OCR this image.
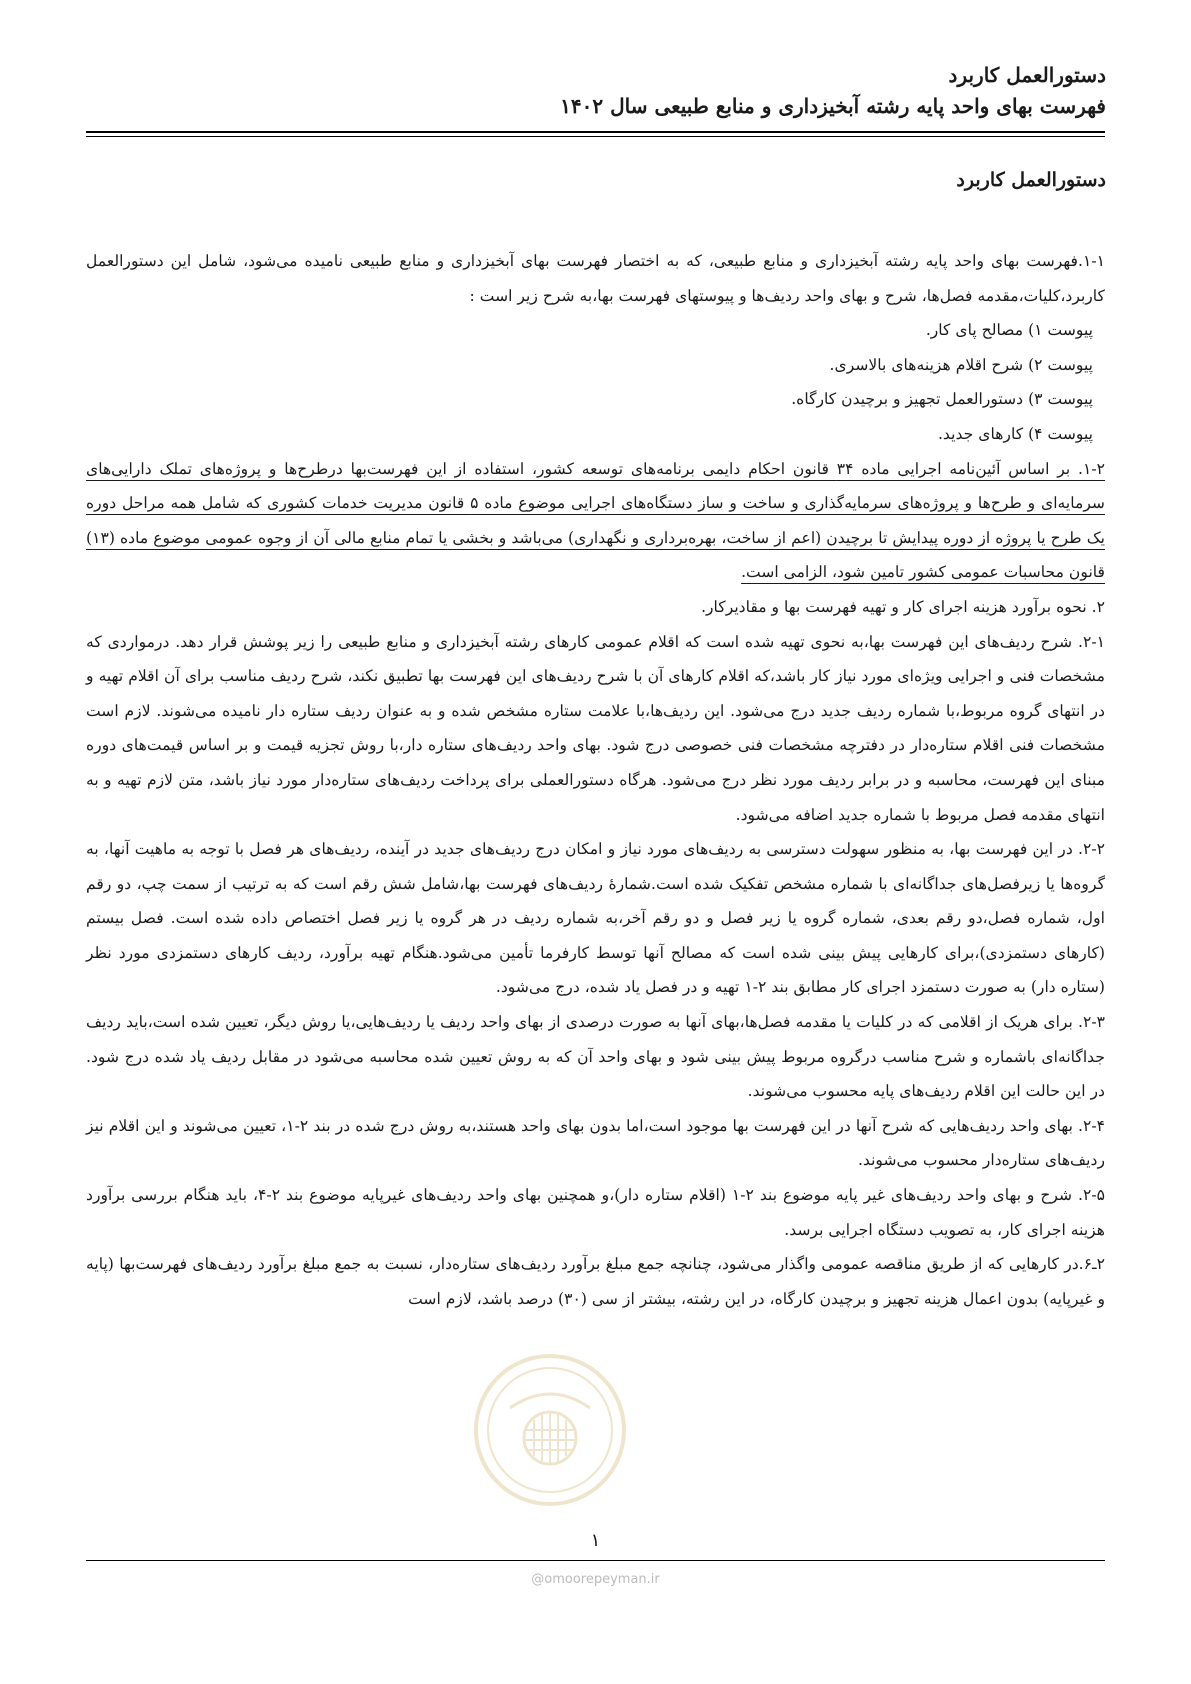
دستورالعمل کاربرد
فهرست بهای واحد پایه رشته آبخیزداری و منابع طبیعی سال ۱۴۰۲
دستورالعمل کاربرد

۱-۱.فهرست بهای واحد پایه رشته آبخیزداری و منابع طبیعی، که به اختصار فهرست بهای آبخیزداری و منابع طبیعی نامیده می‌شود، شامل این دستورالعمل کاربرد،کلیات،مقدمه فصل‌ها، شرح و بهای واحد ردیف‌ها و پیوستهای فهرست بها،به شرح زیر است :

پیوست ۱) مصالح پای کار.

پیوست ۲) شرح اقلام هزینه‌های بالاسری.

پیوست ۳) دستورالعمل تجهیز و برچیدن کارگاه.

پیوست ۴) کارهای جدید.

۱-۲. بر اساس آئین‌نامه اجرایی ماده ۳۴ قانون احکام دایمی برنامه‌های توسعه کشور، استفاده از این فهرست‌بها درطرح‌ها و پروژه‌های تملک دارایی‌های سرمایه‌ای و طرح‌ها و پروژه‌های سرمایه‌گذاری و ساخت و ساز دستگاه‌های اجرایی موضوع ماده ۵ قانون مدیریت خدمات کشوری که شامل همه مراحل دوره یک طرح یا پروژه از دوره پیدایش تا برچیدن (اعم از ساخت، بهره‌برداری و نگهداری) می‌باشد و بخشی یا تمام منابع مالی آن از وجوه عمومی موضوع ماده (۱۳) قانون محاسبات عمومی کشور تامین شود، الزامی است.

۲. نحوه برآورد هزینه اجرای کار و تهیه فهرست بها و مقادیرکار.

۲-۱. شرح ردیف‌های این فهرست بها،به نحوی تهیه شده است که اقلام عمومی کارهای رشته آبخیزداری و منابع طبیعی را زیر پوشش قرار دهد. درمواردی که مشخصات فنی و اجرایی ویژه‌ای مورد نیاز کار باشد،که اقلام کارهای آن با شرح ردیف‌های این فهرست بها تطبیق نکند، شرح ردیف مناسب برای آن اقلام تهیه و در انتهای گروه مربوط،با شماره ردیف جدید درج می‌شود. این ردیف‌ها،با علامت ستاره مشخص شده و به عنوان ردیف ستاره دار نامیده می‌شوند. لازم است مشخصات فنی اقلام ستاره‌دار در دفترچه مشخصات فنی خصوصی درج شود. بهای واحد ردیف‌های ستاره دار،با روش تجزیه قیمت و بر اساس قیمت‌های دوره مبنای این فهرست، محاسبه و در برابر ردیف مورد نظر درج می‌شود. هرگاه دستورالعملی برای پرداخت ردیف‌های ستاره‌دار مورد نیاز باشد، متن لازم تهیه و به انتهای مقدمه فصل مربوط با شماره جدید اضافه می‌شود.

۲-۲. در این فهرست بها، به منظور سهولت دسترسی به ردیف‌های مورد نیاز و امکان درج ردیف‌های جدید در آینده، ردیف‌های هر فصل با توجه به ماهیت آنها، به گروه‌ها یا زیرفصل‌های جداگانه‌ای با شماره مشخص تفکیک شده است.شمارهٔ ردیف‌های فهرست بها،شامل شش رقم است که به ترتیب از سمت چپ، دو رقم اول، شماره فصل،دو رقم بعدی، شماره گروه یا زیر فصل و دو رقم آخر،به شماره ردیف در هر گروه یا زیر فصل اختصاص داده شده است. فصل بیستم (کارهای دستمزدی)،برای کارهایی پیش بینی شده است که مصالح آنها توسط کارفرما تأمین می‌شود.هنگام تهیه برآورد، ردیف کارهای دستمزدی مورد نظر (ستاره دار) به صورت دستمزد اجرای کار مطابق بند ۲-۱ تهیه و در فصل یاد شده، درج می‌شود.

۲-۳. برای هریک از اقلامی که در کلیات یا مقدمه فصل‌ها،بهای آنها به صورت درصدی از بهای واحد ردیف یا ردیف‌هایی،یا روش دیگر، تعیین شده است،باید ردیف جداگانه‌ای باشماره و شرح مناسب درگروه مربوط پیش بینی شود و بهای واحد آن که به روش تعیین شده محاسبه می‌شود در مقابل ردیف یاد شده درج شود. در این حالت این اقلام ردیف‌های پایه محسوب می‌شوند.

۲-۴. بهای واحد ردیف‌هایی که شرح آنها در این فهرست بها موجود است،اما بدون بهای واحد هستند،به روش درج شده در بند ۲-۱، تعیین می‌شوند و این اقلام نیز ردیف‌های ستاره‌دار محسوب می‌شوند.

۲-۵. شرح و بهای واحد ردیف‌های غیر پایه موضوع بند ۲-۱ (اقلام ستاره دار)،و همچنین بهای واحد ردیف‌های غیرپایه موضوع بند ۲-۴، باید هنگام بررسی برآورد هزینه اجرای کار، به تصویب دستگاه اجرایی برسد.

۲ـ۶.در کارهایی که از طریق مناقصه عمومی واگذار می‌شود، چنانچه جمع مبلغ برآورد ردیف‌های ستاره‌دار، نسبت به جمع مبلغ برآورد ردیف‌های فهرست‌بها (پایه و غیرپایه) بدون اعمال هزینه تجهیز و برچیدن کارگاه، در این رشته، بیشتر از سی (۳۰) درصد باشد، لازم است

۱
@omoorepeyman.ir
